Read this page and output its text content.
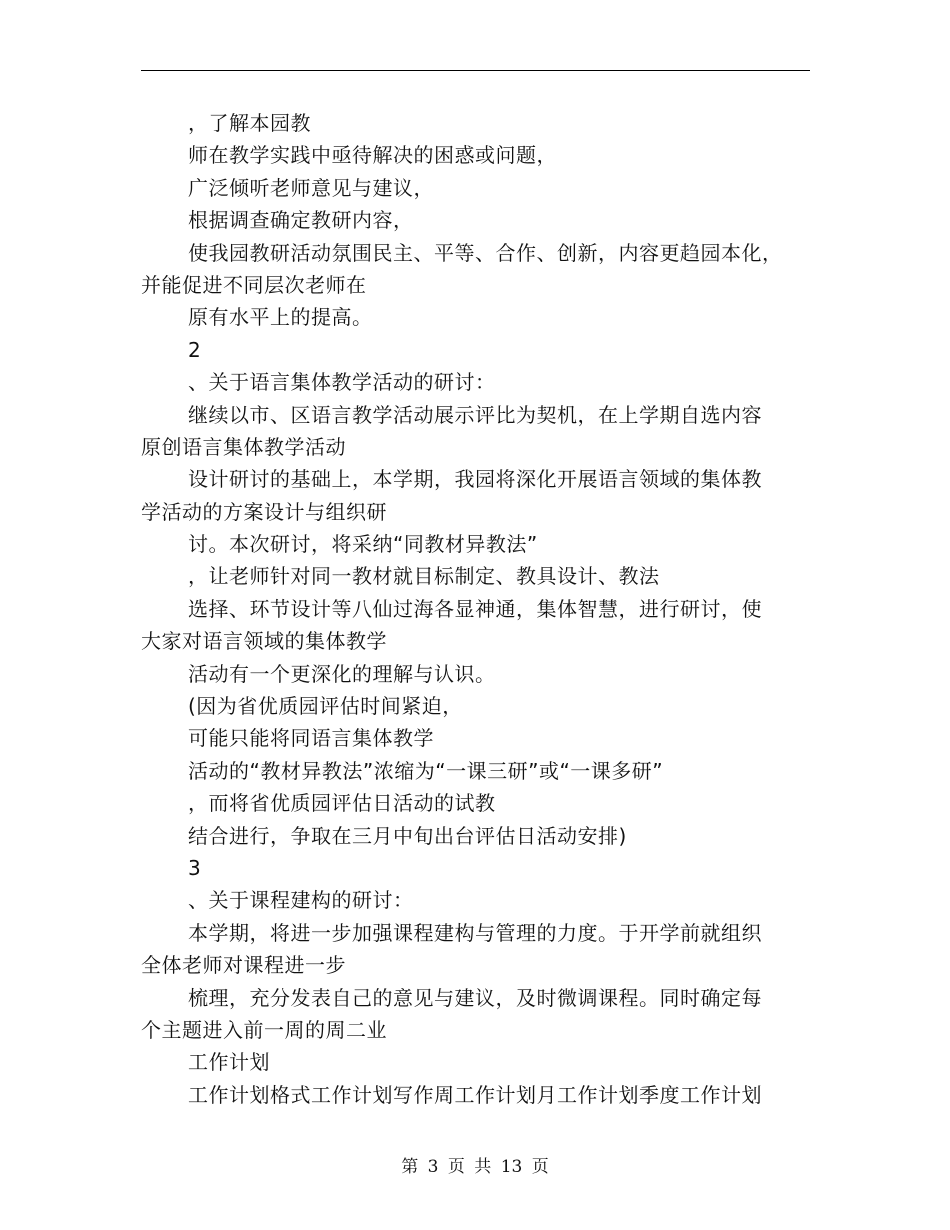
，了解本园教
师在教学实践中亟待解决的困惑或问题，
广泛倾听老师意见与建议，
根据调查确定教研内容，
使我园教研活动氛围民主、平等、合作、创新，内容更趋园本化，
并能促进不同层次老师在
原有水平上的提高。
2
、关于语言集体教学活动的研讨：
继续以市、区语言教学活动展示评比为契机，在上学期自选内容
原创语言集体教学活动
设计研讨的基础上，本学期，我园将深化开展语言领域的集体教
学活动的方案设计与组织研
讨。本次研讨，将采纳“同教材异教法”
，让老师针对同一教材就目标制定、教具设计、教法
选择、环节设计等八仙过海各显神通，集体智慧，进行研讨，使
大家对语言领域的集体教学
活动有一个更深化的理解与认识。
(因为省优质园评估时间紧迫，
可能只能将同语言集体教学
活动的“教材异教法”浓缩为“一课三研”或“一课多研”
，而将省优质园评估日活动的试教
结合进行，争取在三月中旬出台评估日活动安排)
3
、关于课程建构的研讨：
本学期，将进一步加强课程建构与管理的力度。于开学前就组织
全体老师对课程进一步
梳理，充分发表自己的意见与建议，及时微调课程。同时确定每
个主题进入前一周的周二业
工作计划
工作计划格式工作计划写作周工作计划月工作计划季度工作计划
第 3 页 共 13 页
